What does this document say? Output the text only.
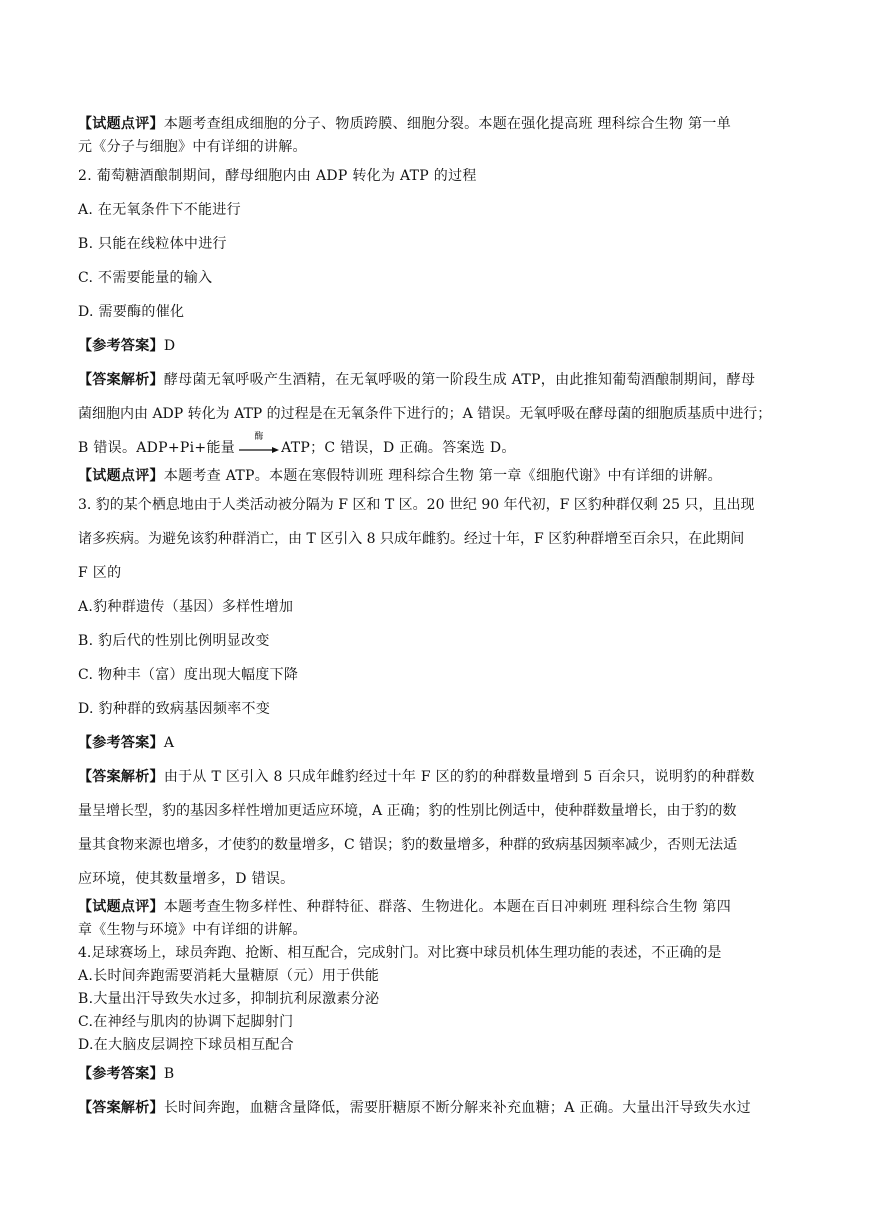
【试题点评】本题考查组成细胞的分子、物质跨膜、细胞分裂。本题在强化提高班 理科综合生物 第一单

元《分子与细胞》中有详细的讲解。

2. 葡萄糖酒酿制期间，酵母细胞内由 ADP 转化为 ATP 的过程

A. 在无氧条件下不能进行

B. 只能在线粒体中进行

C. 不需要能量的输入

D. 需要酶的催化

【参考答案】D

【答案解析】酵母菌无氧呼吸产生酒精，在无氧呼吸的第一阶段生成 ATP，由此推知葡萄酒酿制期间，酵母

菌细胞内由 ADP 转化为 ATP 的过程是在无氧条件下进行的；A 错误。无氧呼吸在酵母菌的细胞质基质中进行；

B 错误。ADP+Pi+能量
酶
ATP；C 错误，D 正确。答案选 D。

【试题点评】本题考查 ATP。本题在寒假特训班 理科综合生物 第一章《细胞代谢》中有详细的讲解。

3. 豹的某个栖息地由于人类活动被分隔为 F 区和 T 区。20 世纪 90 年代初，F 区豹种群仅剩 25 只，且出现

诸多疾病。为避免该豹种群消亡，由 T 区引入 8 只成年雌豹。经过十年，F 区豹种群增至百余只，在此期间

F 区的

A.豹种群遗传（基因）多样性增加

B. 豹后代的性别比例明显改变

C. 物种丰（富）度出现大幅度下降

D. 豹种群的致病基因频率不变

【参考答案】A

【答案解析】由于从 T 区引入 8 只成年雌豹经过十年 F 区的豹的种群数量增到 5 百余只，说明豹的种群数

量呈增长型，豹的基因多样性增加更适应环境，A 正确；豹的性别比例适中，使种群数量增长，由于豹的数

量其食物来源也增多，才使豹的数量增多，C 错误；豹的数量增多，种群的致病基因频率减少，否则无法适

应环境，使其数量增多，D 错误。

【试题点评】本题考查生物多样性、种群特征、群落、生物进化。本题在百日冲刺班 理科综合生物 第四

章《生物与环境》中有详细的讲解。

4.足球赛场上，球员奔跑、抢断、相互配合，完成射门。对比赛中球员机体生理功能的表述，不正确的是

A.长时间奔跑需要消耗大量糖原（元）用于供能

B.大量出汗导致失水过多，抑制抗利尿激素分泌

C.在神经与肌肉的协调下起脚射门

D.在大脑皮层调控下球员相互配合

【参考答案】B

【答案解析】长时间奔跑，血糖含量降低，需要肝糖原不断分解来补充血糖；A 正确。大量出汗导致失水过
